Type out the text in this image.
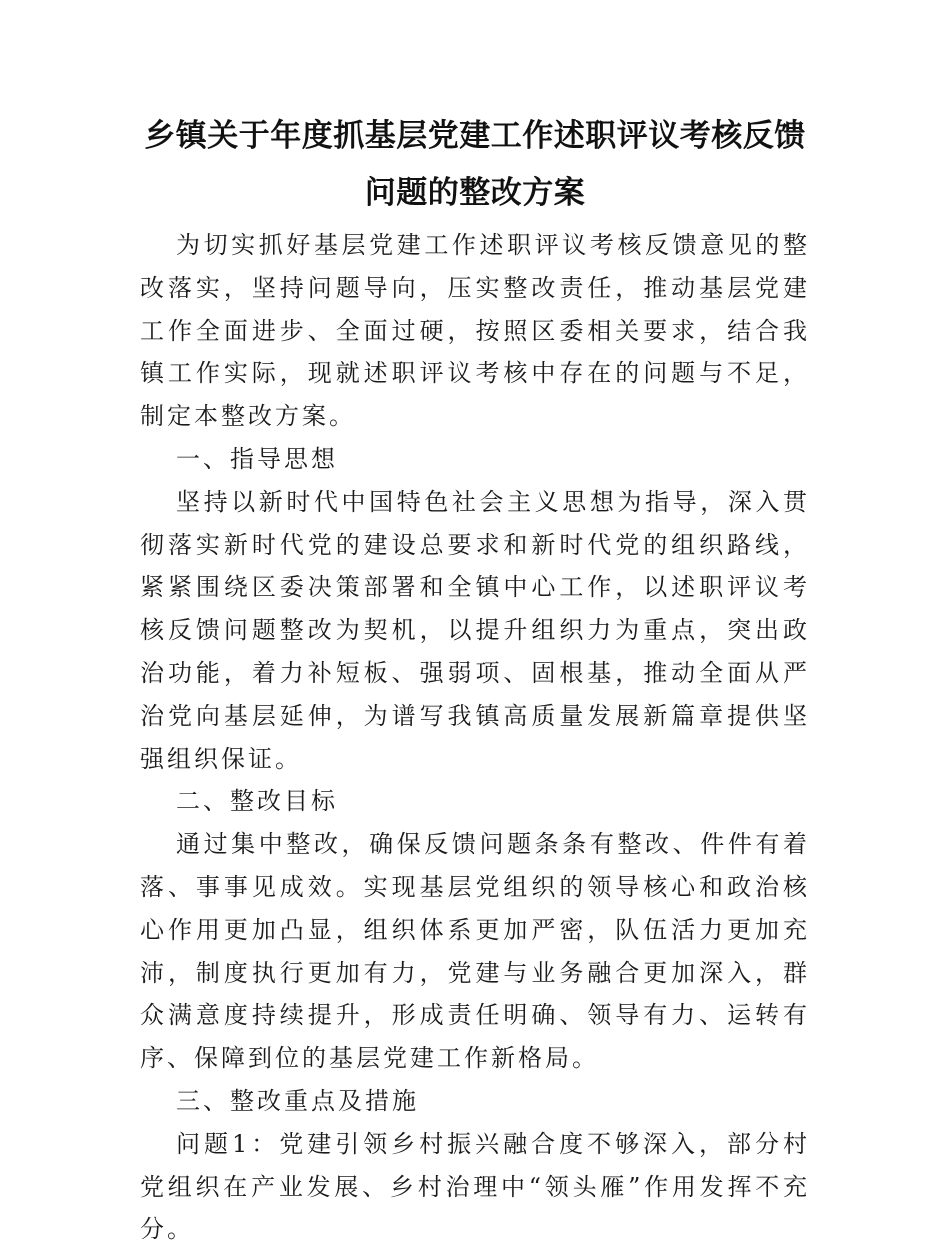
乡镇关于年度抓基层党建工作述职评议考核反馈问题的整改方案

为切实抓好基层党建工作述职评议考核反馈意见的整改落实，坚持问题导向，压实整改责任，推动基层党建工作全面进步、全面过硬，按照区委相关要求，结合我镇工作实际，现就述职评议考核中存在的问题与不足，制定本整改方案。

一、指导思想

坚持以新时代中国特色社会主义思想为指导，深入贯彻落实新时代党的建设总要求和新时代党的组织路线，紧紧围绕区委决策部署和全镇中心工作，以述职评议考核反馈问题整改为契机，以提升组织力为重点，突出政治功能，着力补短板、强弱项、固根基，推动全面从严治党向基层延伸，为谱写我镇高质量发展新篇章提供坚强组织保证。

二、整改目标

通过集中整改，确保反馈问题条条有整改、件件有着落、事事见成效。实现基层党组织的领导核心和政治核心作用更加凸显，组织体系更加严密，队伍活力更加充沛，制度执行更加有力，党建与业务融合更加深入，群众满意度持续提升，形成责任明确、领导有力、运转有序、保障到位的基层党建工作新格局。

三、整改重点及措施

问题1：党建引领乡村振兴融合度不够深入，部分村党组织在产业发展、乡村治理中“领头雁”作用发挥不充分。
